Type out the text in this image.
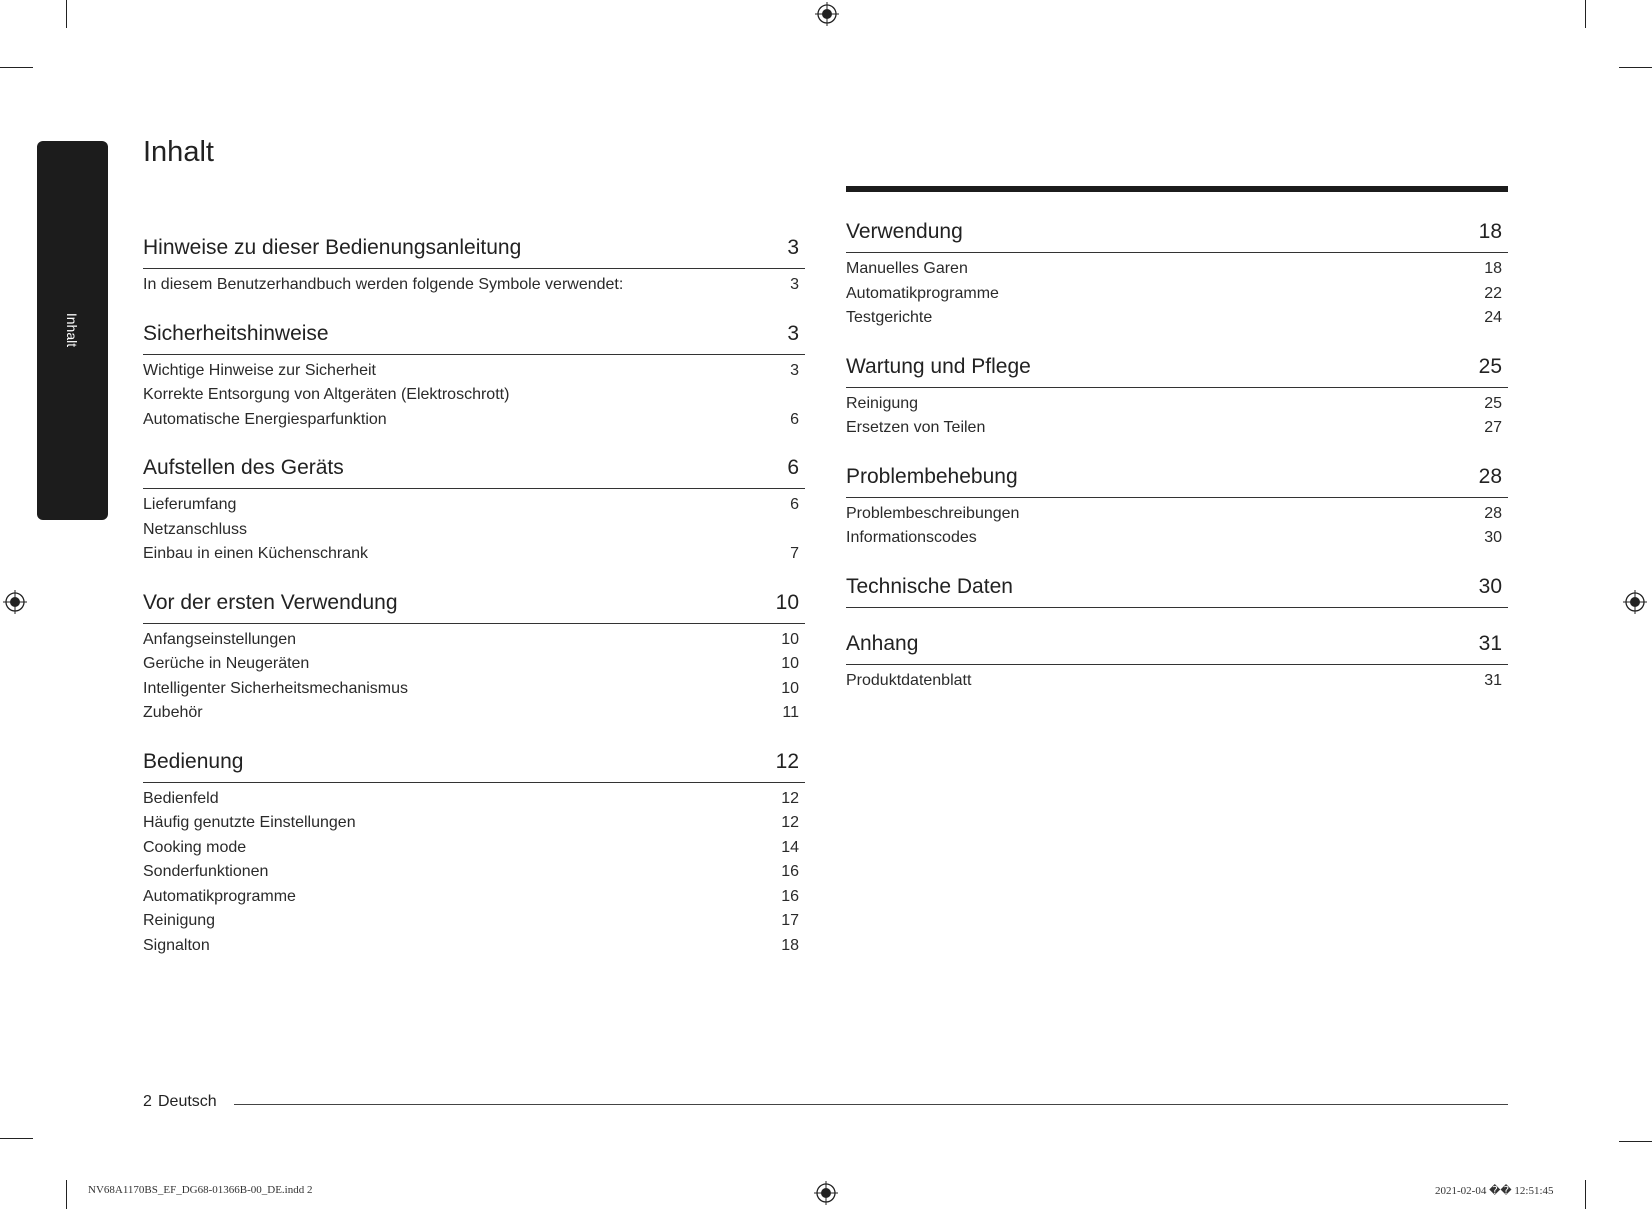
Inhalt
Inhalt
Hinweise zu dieser Bedienungsanleitung	3
In diesem Benutzerhandbuch werden folgende Symbole verwendet:	3
Sicherheitshinweise	3
Wichtige Hinweise zur Sicherheit	3
Korrekte Entsorgung von Altgeräten (Elektroschrott)
Automatische Energiesparfunktion	6
Aufstellen des Geräts	6
Lieferumfang	6
Netzanschluss
Einbau in einen Küchenschrank	7
Vor der ersten Verwendung	10
Anfangseinstellungen	10
Gerüche in Neugeräten	10
Intelligenter Sicherheitsmechanismus	10
Zubehör	11
Bedienung	12
Bedienfeld	12
Häufig genutzte Einstellungen	12
Cooking mode	14
Sonderfunktionen	16
Automatikprogramme	16
Reinigung	17
Signalton	18
Verwendung	18
Manuelles Garen	18
Automatikprogramme	22
Testgerichte	24
Wartung und Pflege	25
Reinigung	25
Ersetzen von Teilen	27
Problembehebung	28
Problembeschreibungen	28
Informationscodes	30
Technische Daten	30
Anhang	31
Produktdatenblatt	31
2 Deutsch
NV68A1170BS_EF_DG68-01366B-00_DE.indd 2	2021-02-04 �� 12:51:45
